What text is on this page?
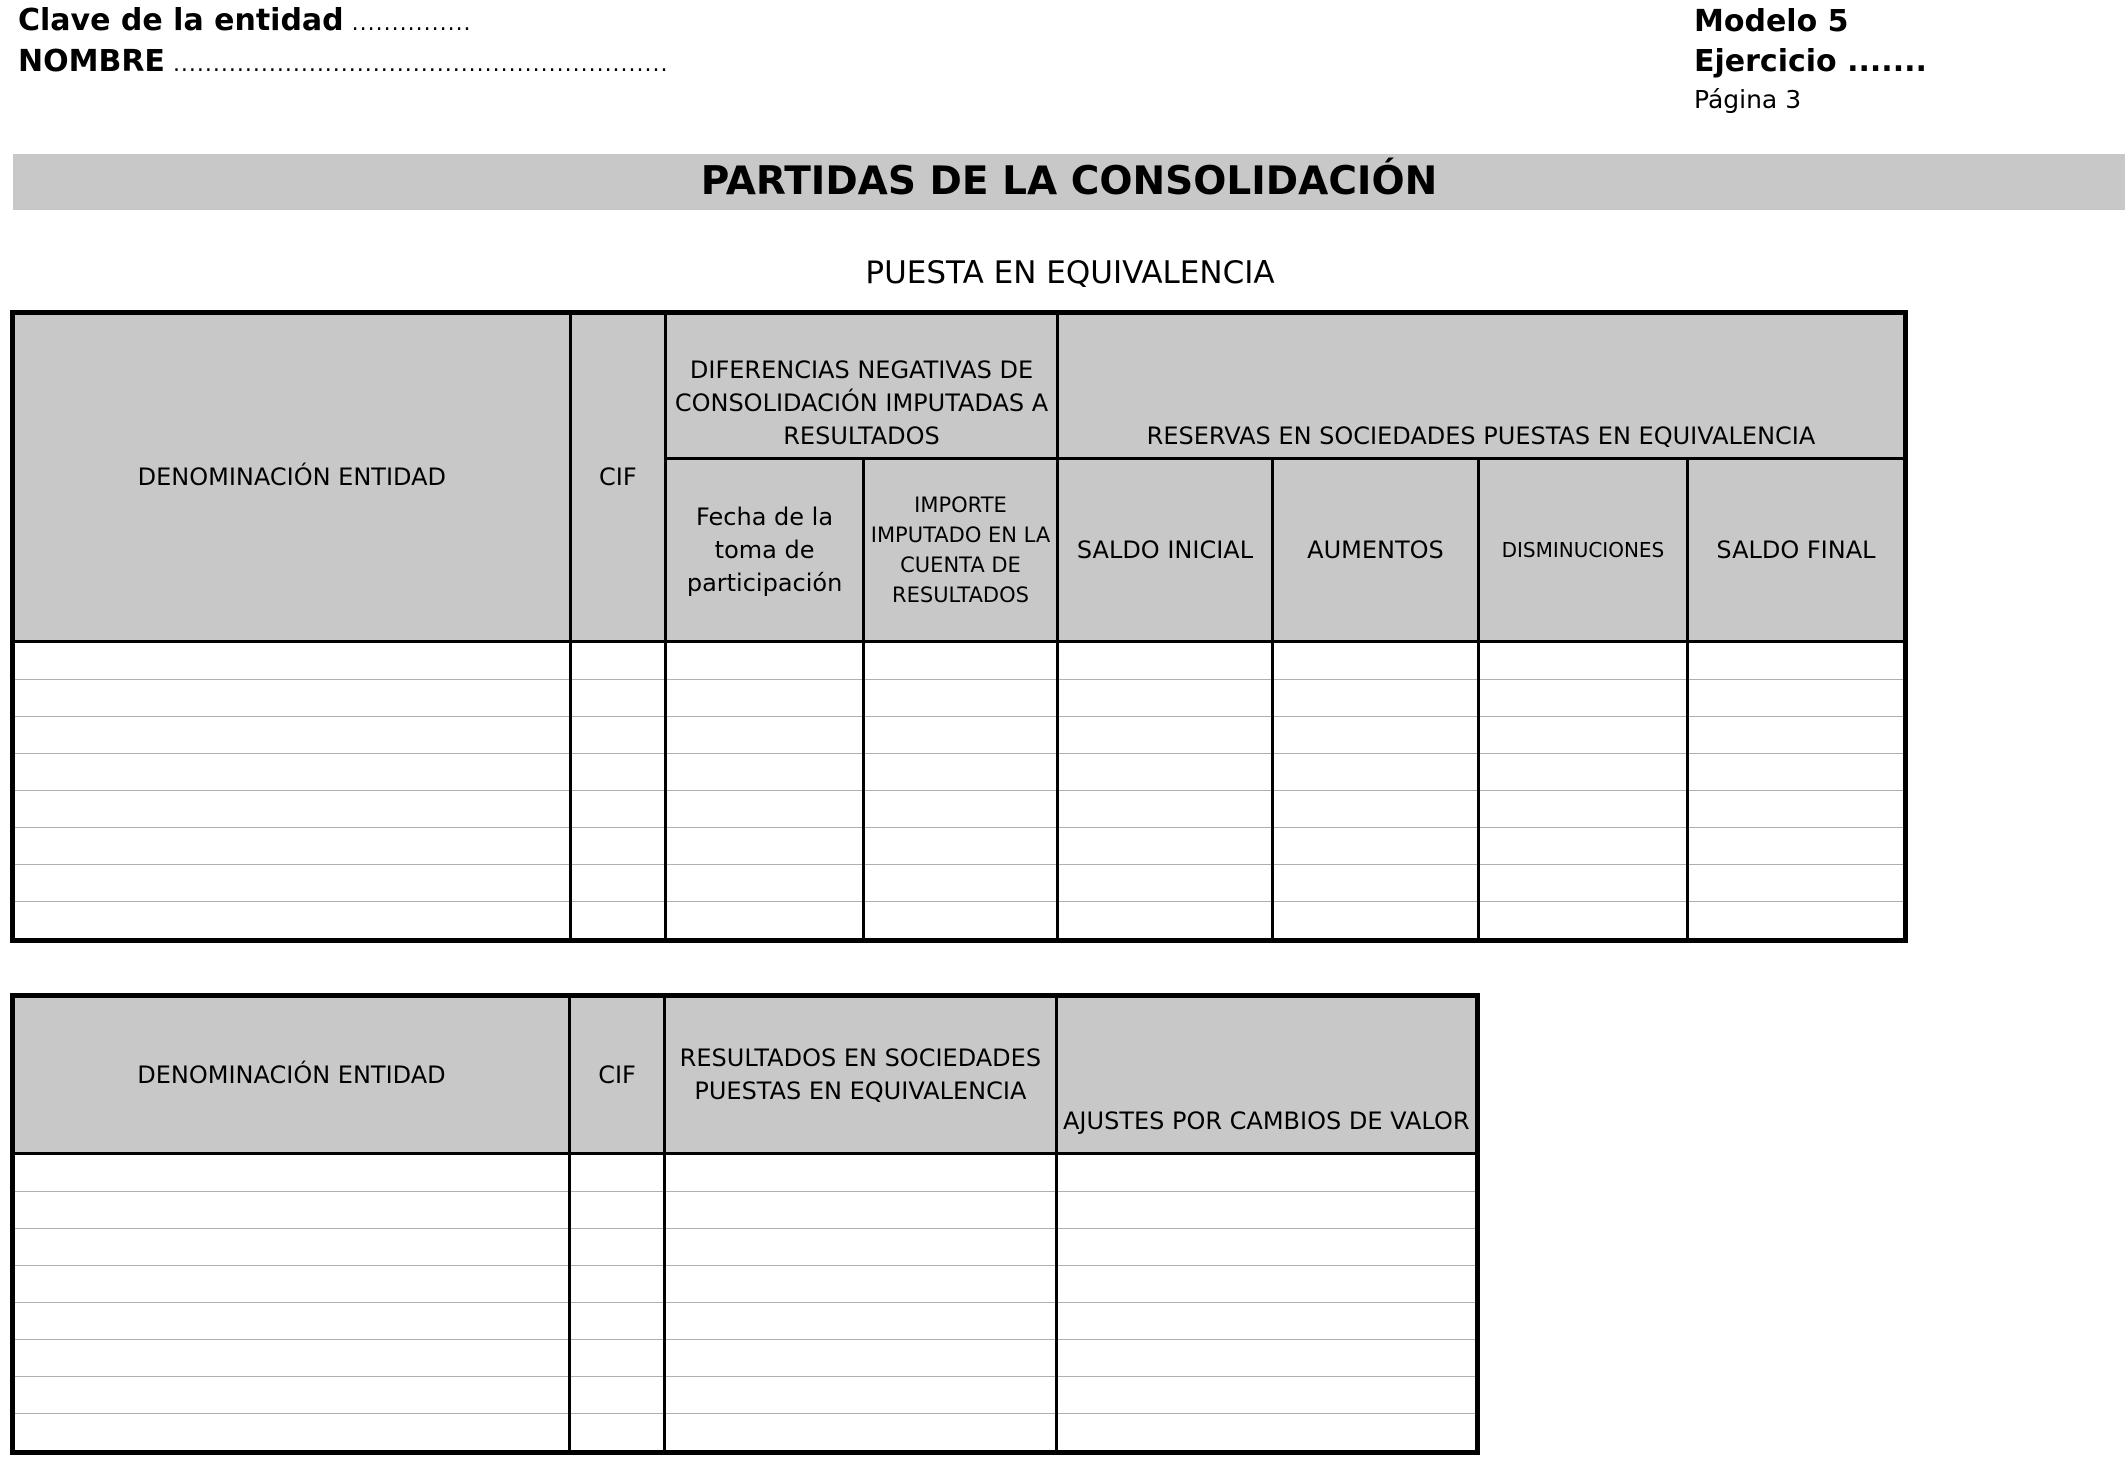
Clave de la entidad ...............
NOMBRE ..............................................................
Modelo 5
Ejercicio .......
Página 3
PARTIDAS DE LA CONSOLIDACIÓN
PUESTA EN EQUIVALENCIA
DENOMINACIÓN ENTIDAD	CIF	DIFERENCIAS NEGATIVAS DE CONSOLIDACIÓN IMPUTADAS A RESULTADOS		RESERVAS EN SOCIEDADES PUESTAS EN EQUIVALENCIA			
		Fecha de la toma de participación	IMPORTE IMPUTADO EN LA CUENTA DE RESULTADOS	SALDO INICIAL	AUMENTOS	DISMINUCIONES	SALDO FINAL

DENOMINACIÓN ENTIDAD	CIF	RESULTADOS EN SOCIEDADES PUESTAS EN EQUIVALENCIA	AJUSTES POR CAMBIOS DE VALOR
